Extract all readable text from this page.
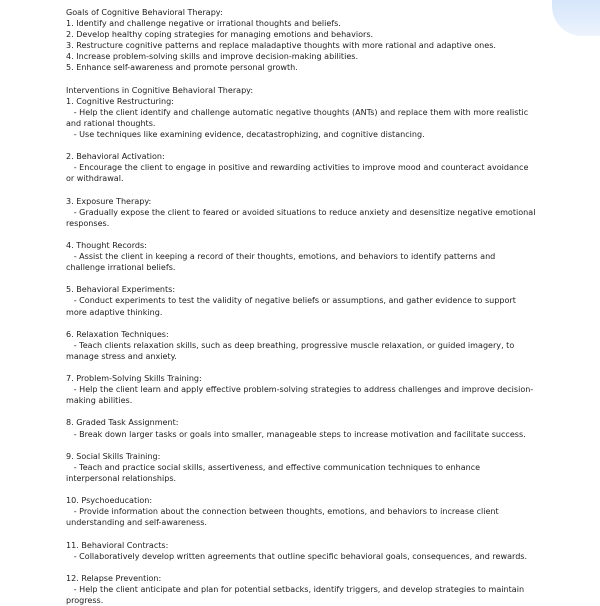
Goals of Cognitive Behavioral Therapy:
1. Identify and challenge negative or irrational thoughts and beliefs.
2. Develop healthy coping strategies for managing emotions and behaviors.
3. Restructure cognitive patterns and replace maladaptive thoughts with more rational and adaptive ones.
4. Increase problem-solving skills and improve decision-making abilities.
5. Enhance self-awareness and promote personal growth.
Interventions in Cognitive Behavioral Therapy:
1. Cognitive Restructuring:
- Help the client identify and challenge automatic negative thoughts (ANTs) and replace them with more realistic and rational thoughts.
- Use techniques like examining evidence, decatastrophizing, and cognitive distancing.
2. Behavioral Activation:
- Encourage the client to engage in positive and rewarding activities to improve mood and counteract avoidance or withdrawal.
3. Exposure Therapy:
- Gradually expose the client to feared or avoided situations to reduce anxiety and desensitize negative emotional responses.
4. Thought Records:
- Assist the client in keeping a record of their thoughts, emotions, and behaviors to identify patterns and challenge irrational beliefs.
5. Behavioral Experiments:
- Conduct experiments to test the validity of negative beliefs or assumptions, and gather evidence to support more adaptive thinking.
6. Relaxation Techniques:
- Teach clients relaxation skills, such as deep breathing, progressive muscle relaxation, or guided imagery, to manage stress and anxiety.
7. Problem-Solving Skills Training:
- Help the client learn and apply effective problem-solving strategies to address challenges and improve decision-making abilities.
8. Graded Task Assignment:
- Break down larger tasks or goals into smaller, manageable steps to increase motivation and facilitate success.
9. Social Skills Training:
- Teach and practice social skills, assertiveness, and effective communication techniques to enhance interpersonal relationships.
10. Psychoeducation:
- Provide information about the connection between thoughts, emotions, and behaviors to increase client understanding and self-awareness.
11. Behavioral Contracts:
- Collaboratively develop written agreements that outline specific behavioral goals, consequences, and rewards.
12. Relapse Prevention:
- Help the client anticipate and plan for potential setbacks, identify triggers, and develop strategies to maintain progress.
